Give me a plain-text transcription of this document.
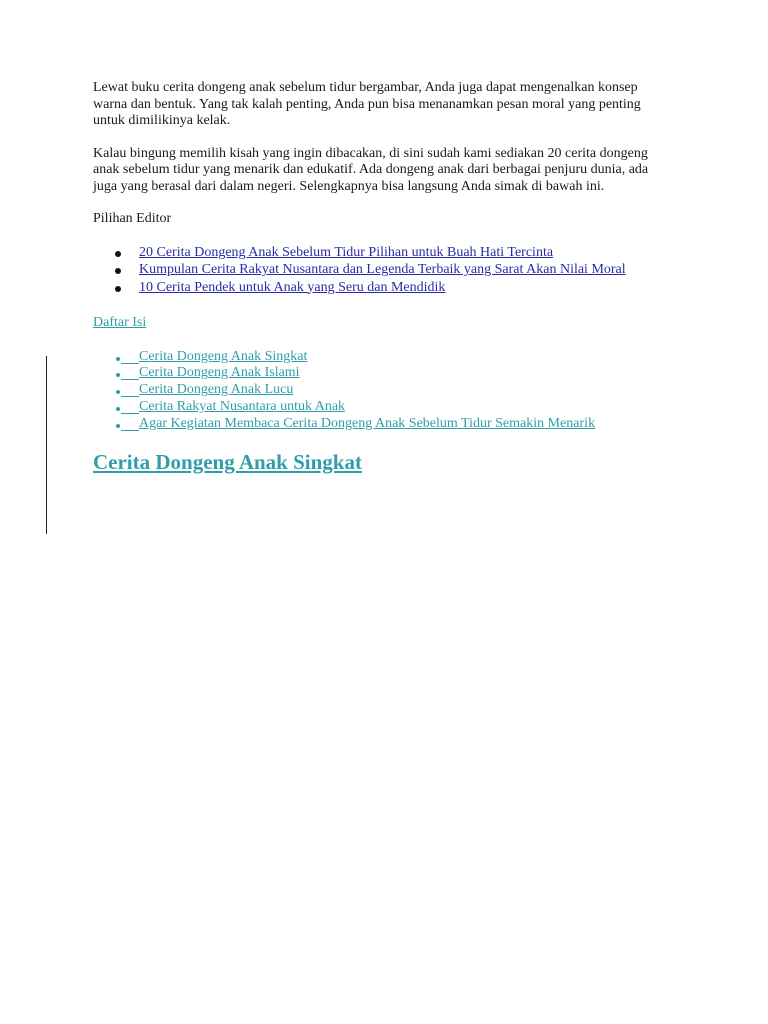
Lewat buku cerita dongeng anak sebelum tidur bergambar, Anda juga dapat mengenalkan konsep warna dan bentuk. Yang tak kalah penting, Anda pun bisa menanamkan pesan moral yang penting untuk dimilikinya kelak.

Kalau bingung memilih kisah yang ingin dibacakan, di sini sudah kami sediakan 20 cerita dongeng anak sebelum tidur yang menarik dan edukatif. Ada dongeng anak dari berbagai penjuru dunia, ada juga yang berasal dari dalam negeri. Selengkapnya bisa langsung Anda simak di bawah ini.

Pilihan Editor
20 Cerita Dongeng Anak Sebelum Tidur Pilihan untuk Buah Hati Tercinta
Kumpulan Cerita Rakyat Nusantara dan Legenda Terbaik yang Sarat Akan Nilai Moral
10 Cerita Pendek untuk Anak yang Seru dan Mendidik
Daftar Isi
Cerita Dongeng Anak Singkat
Cerita Dongeng Anak Islami
Cerita Dongeng Anak Lucu
Cerita Rakyat Nusantara untuk Anak
Agar Kegiatan Membaca Cerita Dongeng Anak Sebelum Tidur Semakin Menarik
Cerita Dongeng Anak Singkat
